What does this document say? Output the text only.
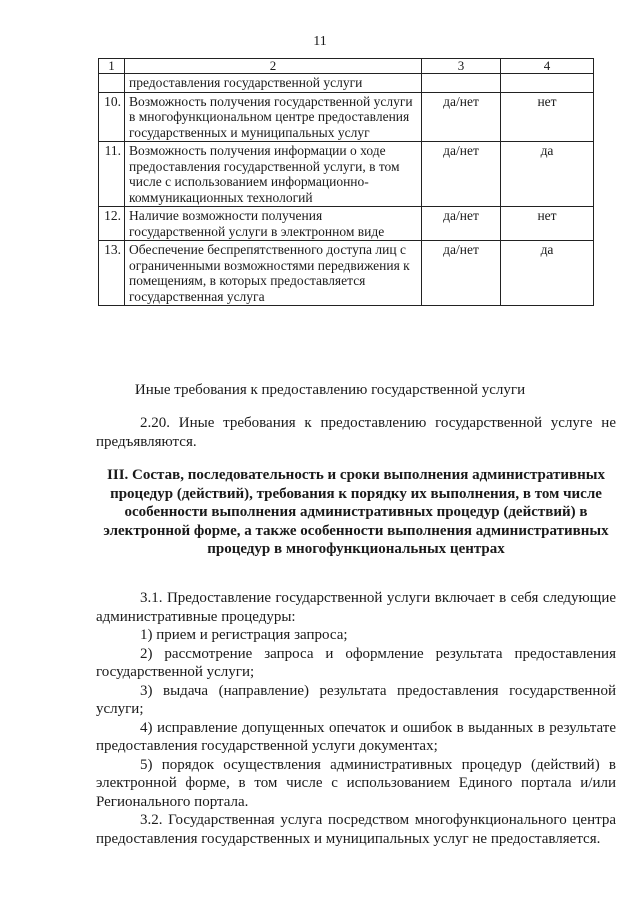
11
1	2	3	4
	предоставления государственной услуги		
10.	Возможность получения государственной услуги в многофункциональном центре предоставления государственных и муниципальных услуг	да/нет	нет
11.	Возможность получения информации о ходе предоставления государственной услуги, в том числе с использованием информационно-коммуникационных технологий	да/нет	да
12.	Наличие возможности получения государственной услуги в электронном виде	да/нет	нет
13.	Обеспечение беспрепятственного доступа лиц с ограниченными возможностями передвижения к помещениям, в которых предоставляется государственная услуга	да/нет	да
Иные требования к предоставлению государственной услуги
2.20. Иные требования к предоставлению государственной услуге не предъявляются.
III. Состав, последовательность и сроки выполнения административных процедур (действий), требования к порядку их выполнения, в том числе особенности выполнения административных процедур (действий) в электронной форме, а также особенности выполнения административных процедур в многофункциональных центрах

3.1. Предоставление государственной услуги включает в себя следующие административные процедуры:

1) прием и регистрация запроса;

2) рассмотрение запроса и оформление результата предоставления государственной услуги;

3) выдача (направление) результата предоставления государственной услуги;

4) исправление допущенных опечаток и ошибок в выданных в результате предоставления государственной услуги документах;

5) порядок осуществления административных процедур (действий) в электронной форме, в том числе с использованием Единого портала и/или Регионального портала.

3.2. Государственная услуга посредством многофункционального центра предоставления государственных и муниципальных услуг не предоставляется.
